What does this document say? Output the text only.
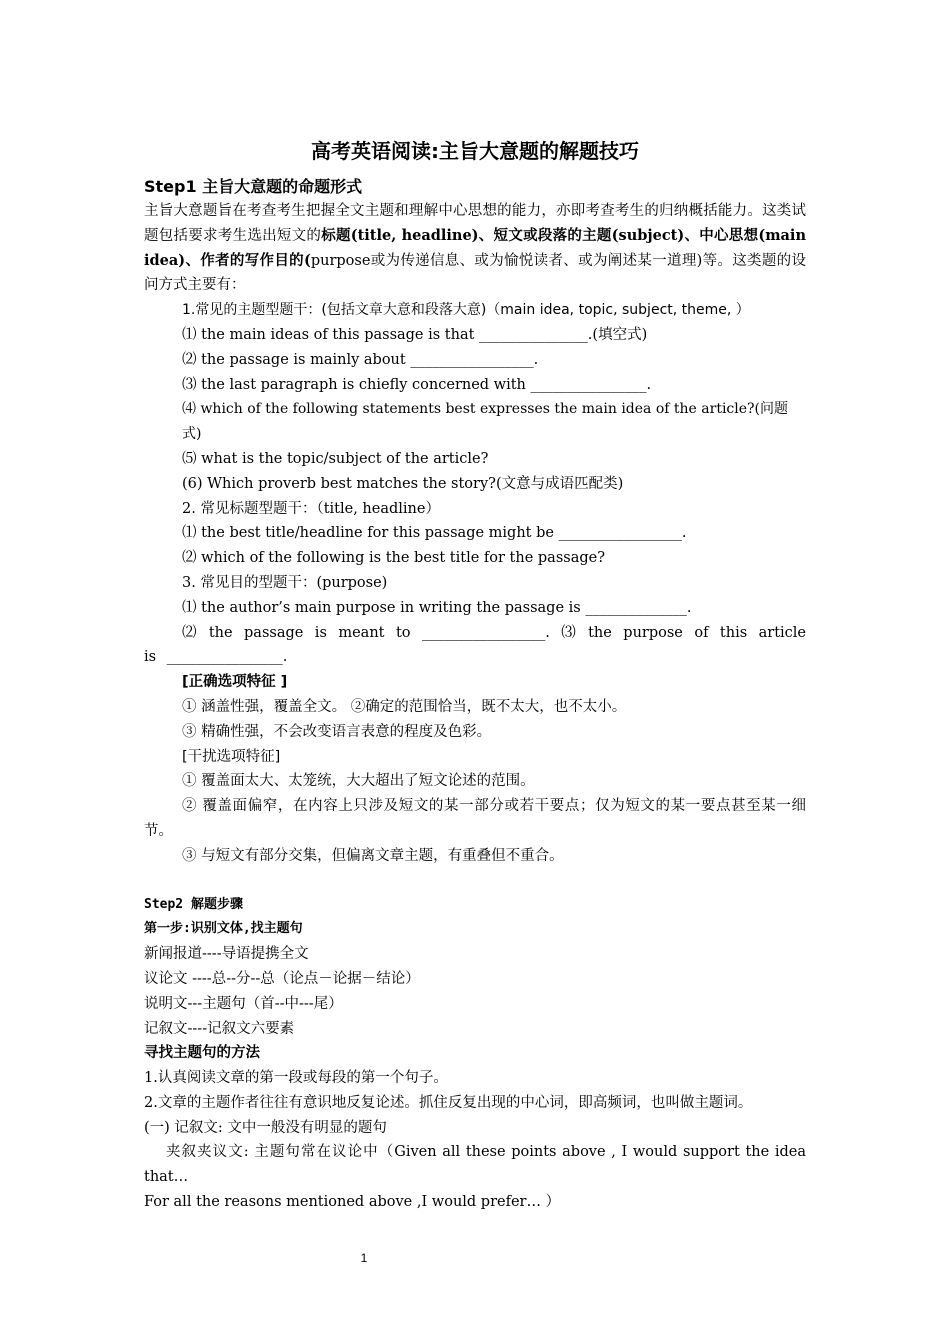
高考英语阅读:主旨大意题的解题技巧
Step1 主旨大意题的命题形式

主旨大意题旨在考查考生把握全文主题和理解中心思想的能力，亦即考查考生的归纳概括能力。这类试题包括要求考生选出短文的标题(title, headline)、短文或段落的主题(subject)、中心思想(main idea)、作者的写作目的(purpose或为传递信息、或为愉悦读者、或为阐述某一道理)等。这类题的设问方式主要有：

1.常见的主题型题干：(包括文章大意和段落大意)（main idea, topic, subject, theme, ）

⑴ the main ideas of this passage is that _______________.(填空式)

⑵ the passage is mainly about _________________.

⑶ the last paragraph is chiefly concerned with ________________.

⑷ which of the following statements best expresses the main idea of the article?(问题式)

⑸ what is the topic/subject of the article?

(6) Which proverb best matches the story?(文意与成语匹配类)

2. 常见标题型题干：（title, headline）

⑴ the best title/headline for this passage might be _________________.

⑵ which of the following is the best title for the passage?

3. 常见目的型题干：(purpose)

⑴ the author’s main purpose in writing the passage is ______________.

⑵ the passage is meant to _________________. ⑶ the purpose of this article is ________________.

[正确选项特征 ]

① 涵盖性强，覆盖全文。 ②确定的范围恰当，既不太大，也不太小。

③ 精确性强，不会改变语言表意的程度及色彩。

[干扰选项特征]

① 覆盖面太大、太笼统，大大超出了短文论述的范围。

② 覆盖面偏窄，在内容上只涉及短文的某一部分或若干要点；仅为短文的某一要点甚至某一细节。

③ 与短文有部分交集，但偏离文章主题，有重叠但不重合。

Step2 解题步骤

第一步:识别文体,找主题句

新闻报道----导语提携全文

议论文 ----总--分--总（论点－论据－结论）

说明文---主题句（首--中---尾）

记叙文----记叙文六要素

寻找主题句的方法

1.认真阅读文章的第一段或每段的第一个句子。

2.文章的主题作者往往有意识地反复论述。抓住反复出现的中心词，即高频词，也叫做主题词。

(一) 记叙文: 文中一般没有明显的题句

夹叙夹议文: 主题句常在议论中（Given all these points above , I would support the idea that…

For all the reasons mentioned above ,I would prefer… ）

1
